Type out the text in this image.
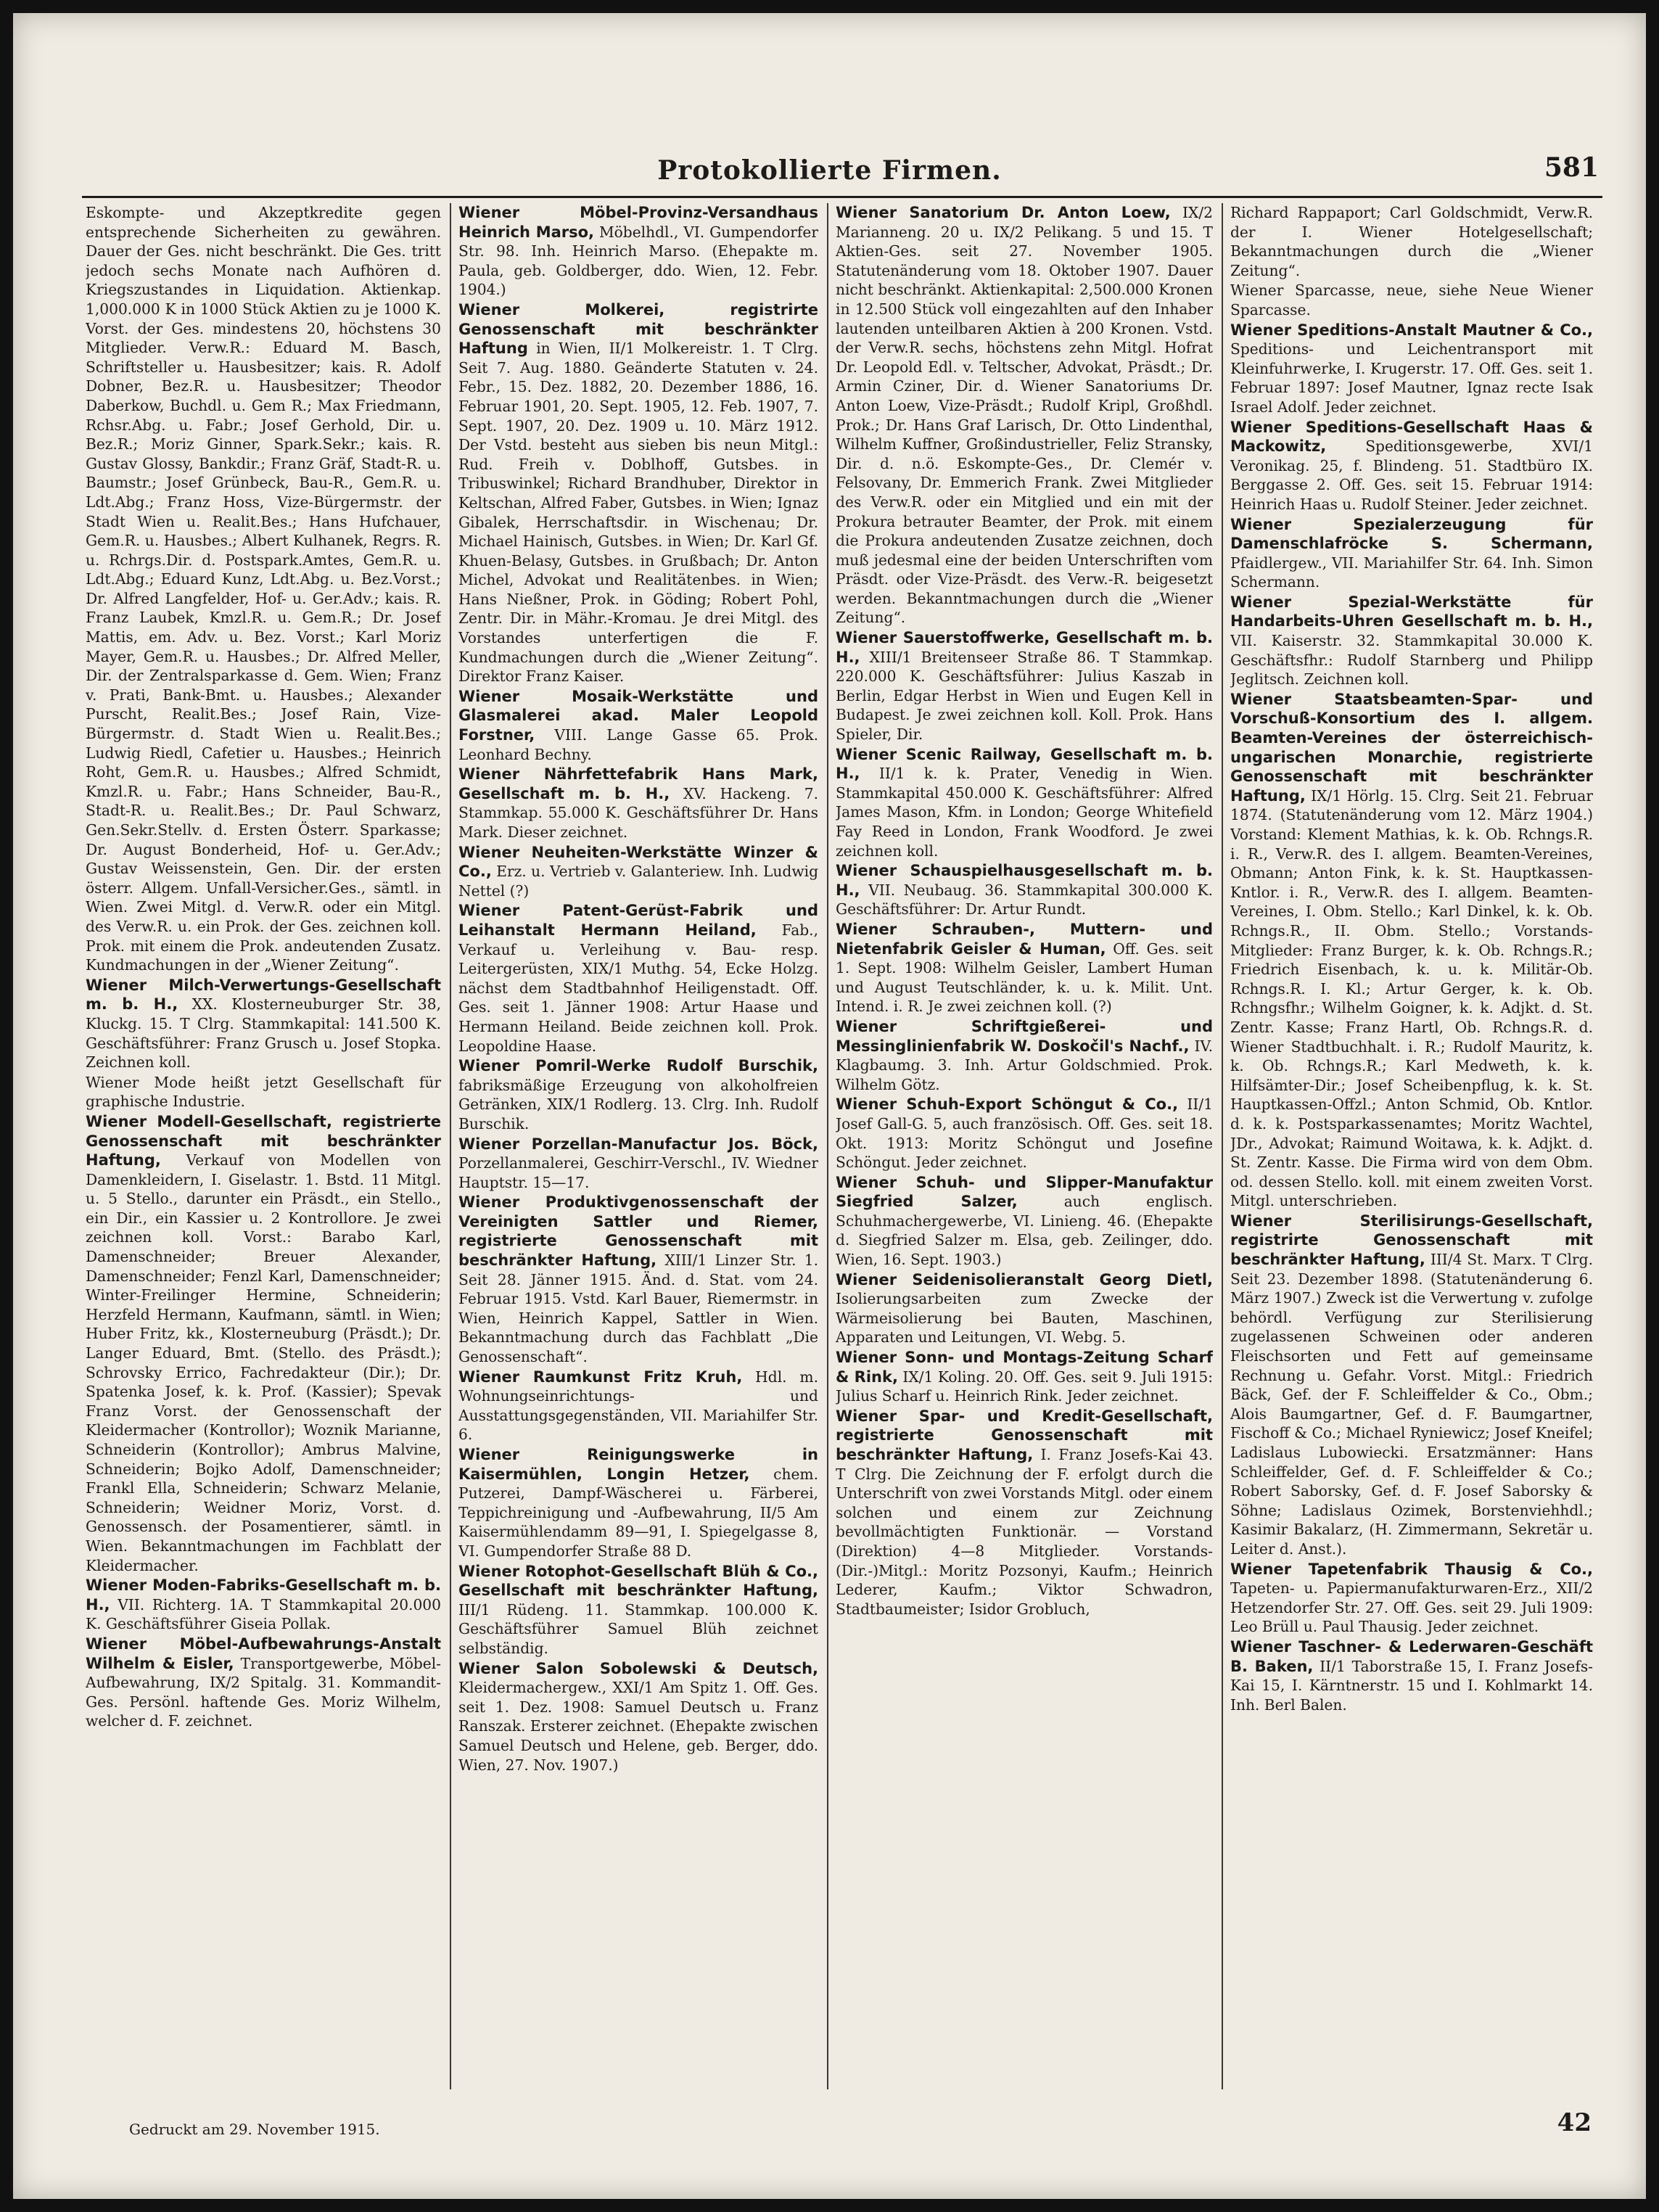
Protokollierte Firmen.	581

Eskompte- und Akzeptkredite gegen entsprechende Sicherheiten zu gewähren. Dauer der Ges. nicht beschränkt. Die Ges. tritt jedoch sechs Monate nach Aufhören d. Kriegszustandes in Liquidation. Aktienkap. 1,000.000 K in 1000 Stück Aktien zu je 1000 K. Vorst. der Ges. mindestens 20, höchstens 30 Mitglieder. Verw.R.: Eduard M. Basch, Schriftsteller u. Hausbesitzer; kais. R. Adolf Dobner, Bez.R. u. Hausbesitzer; Theodor Daberkow, Buchdl. u. Gem R.; Max Friedmann, Rchsr.Abg. u. Fabr.; Josef Gerhold, Dir. u. Bez.R.; Moriz Ginner, Spark.Sekr.; kais. R. Gustav Glossy, Bankdir.; Franz Gräf, Stadt-R. u. Baumstr.; Josef Grünbeck, Bau-R., Gem.R. u. Ldt.Abg.; Franz Hoss, Vize-Bürgermstr. der Stadt Wien u. Realit.Bes.; Hans Hufchauer, Gem.R. u. Hausbes.; Albert Kulhanek, Regrs. R. u. Rchrgs.Dir. d. Postspark.Amtes, Gem.R. u. Ldt.Abg.; Eduard Kunz, Ldt.Abg. u. Bez.Vorst.; Dr. Alfred Langfelder, Hof- u. Ger.Adv.; kais. R. Franz Laubek, Kmzl.R. u. Gem.R.; Dr. Josef Mattis, em. Adv. u. Bez. Vorst.; Karl Moriz Mayer, Gem.R. u. Hausbes.; Dr. Alfred Meller, Dir. der Zentralsparkasse d. Gem. Wien; Franz v. Prati, Bank-Bmt. u. Hausbes.; Alexander Purscht, Realit.Bes.; Josef Rain, Vize-Bürgermstr. d. Stadt Wien u. Realit.Bes.; Ludwig Riedl, Cafetier u. Hausbes.; Heinrich Roht, Gem.R. u. Hausbes.; Alfred Schmidt, Kmzl.R. u. Fabr.; Hans Schneider, Bau-R., Stadt-R. u. Realit.Bes.; Dr. Paul Schwarz, Gen.Sekr.Stellv. d. Ersten Österr. Sparkasse; Dr. August Bonderheid, Hof- u. Ger.Adv.; Gustav Weissenstein, Gen. Dir. der ersten österr. Allgem. Unfall-Versicher.Ges., sämtl. in Wien. Zwei Mitgl. d. Verw.R. oder ein Mitgl. des Verw.R. u. ein Prok. der Ges. zeichnen koll. Prok. mit einem die Prok. andeutenden Zusatz. Kundmachungen in der „Wiener Zeitung“.

Wiener Milch-Verwertungs-Gesellschaft m. b. H., XX. Klosterneuburger Str. 38, Kluckg. 15. T Clrg. Stammkapital: 141.500 K. Geschäftsführer: Franz Grusch u. Josef Stopka. Zeichnen koll.

Wiener Mode heißt jetzt Gesellschaft für graphische Industrie.

Wiener Modell-Gesellschaft, registrierte Genossenschaft mit beschränkter Haftung, Verkauf von Modellen von Damenkleidern, I. Giselastr. 1. Bstd. 11 Mitgl. u. 5 Stello., darunter ein Präsdt., ein Stello., ein Dir., ein Kassier u. 2 Kontrollore. Je zwei zeichnen koll. Vorst.: Barabo Karl, Damenschneider; Breuer Alexander, Damenschneider; Fenzl Karl, Damenschneider; Winter-Freilinger Hermine, Schneiderin; Herzfeld Hermann, Kaufmann, sämtl. in Wien; Huber Fritz, kk., Klosterneuburg (Präsdt.); Dr. Langer Eduard, Bmt. (Stello. des Präsdt.); Schrovsky Errico, Fachredakteur (Dir.); Dr. Spatenka Josef, k. k. Prof. (Kassier); Spevak Franz Vorst. der Genossenschaft der Kleidermacher (Kontrollor); Woznik Marianne, Schneiderin (Kontrollor); Ambrus Malvine, Schneiderin; Bojko Adolf, Damenschneider; Frankl Ella, Schneiderin; Schwarz Melanie, Schneiderin; Weidner Moriz, Vorst. d. Genossensch. der Posamentierer, sämtl. in Wien. Bekanntmachungen im Fachblatt der Kleidermacher.

Wiener Moden-Fabriks-Gesellschaft m. b. H., VII. Richterg. 1A. T Stammkapital 20.000 K. Geschäftsführer Giseia Pollak.

Wiener Möbel-Aufbewahrungs-Anstalt Wilhelm & Eisler, Transportgewerbe, Möbel-Aufbewahrung, IX/2 Spitalg. 31. Kommandit-Ges. Persönl. haftende Ges. Moriz Wilhelm, welcher d. F. zeichnet.

Wiener Möbel-Provinz-Versandhaus Heinrich Marso, Möbelhdl., VI. Gumpendorfer Str. 98. Inh. Heinrich Marso. (Ehepakte m. Paula, geb. Goldberger, ddo. Wien, 12. Febr. 1904.)

Wiener Molkerei, registrirte Genossenschaft mit beschränkter Haftung in Wien, II/1 Molkereistr. 1. T Clrg. Seit 7. Aug. 1880. Geänderte Statuten v. 24. Febr., 15. Dez. 1882, 20. Dezember 1886, 16. Februar 1901, 20. Sept. 1905, 12. Feb. 1907, 7. Sept. 1907, 20. Dez. 1909 u. 10. März 1912. Der Vstd. besteht aus sieben bis neun Mitgl.: Rud. Freih v. Doblhoff, Gutsbes. in Tribuswinkel; Richard Brandhuber, Direktor in Keltschan, Alfred Faber, Gutsbes. in Wien; Ignaz Gibalek, Herrschaftsdir. in Wischenau; Dr. Michael Hainisch, Gutsbes. in Wien; Dr. Karl Gf. Khuen-Belasy, Gutsbes. in Grußbach; Dr. Anton Michel, Advokat und Realitätenbes. in Wien; Hans Nießner, Prok. in Göding; Robert Pohl, Zentr. Dir. in Mähr.-Kromau. Je drei Mitgl. des Vorstandes unterfertigen die F. Kundmachungen durch die „Wiener Zeitung“. Direktor Franz Kaiser.

Wiener Mosaik-Werkstätte und Glasmalerei akad. Maler Leopold Forstner, VIII. Lange Gasse 65. Prok. Leonhard Bechny.

Wiener Nährfettefabrik Hans Mark, Gesellschaft m. b. H., XV. Hackeng. 7. Stammkap. 55.000 K. Geschäftsführer Dr. Hans Mark. Dieser zeichnet.

Wiener Neuheiten-Werkstätte Winzer & Co., Erz. u. Vertrieb v. Galanteriew. Inh. Ludwig Nettel (?)

Wiener Patent-Gerüst-Fabrik und Leihanstalt Hermann Heiland, Fab., Verkauf u. Verleihung v. Bau- resp. Leitergerüsten, XIX/1 Muthg. 54, Ecke Holzg. nächst dem Stadtbahnhof Heiligenstadt. Off. Ges. seit 1. Jänner 1908: Artur Haase und Hermann Heiland. Beide zeichnen koll. Prok. Leopoldine Haase.

Wiener Pomril-Werke Rudolf Burschik, fabriksmäßige Erzeugung von alkoholfreien Getränken, XIX/1 Rodlerg. 13. Clrg. Inh. Rudolf Burschik.

Wiener Porzellan-Manufactur Jos. Böck, Porzellanmalerei, Geschirr-Verschl., IV. Wiedner Hauptstr. 15—17.

Wiener Produktivgenossenschaft der Vereinigten Sattler und Riemer, registrierte Genossenschaft mit beschränkter Haftung, XIII/1 Linzer Str. 1. Seit 28. Jänner 1915. Änd. d. Stat. vom 24. Februar 1915. Vstd. Karl Bauer, Riemermstr. in Wien, Heinrich Kappel, Sattler in Wien. Bekanntmachung durch das Fachblatt „Die Genossenschaft“.

Wiener Raumkunst Fritz Kruh, Hdl. m. Wohnungseinrichtungs- und Ausstattungsgegenständen, VII. Mariahilfer Str. 6.

Wiener Reinigungswerke in Kaisermühlen, Longin Hetzer, chem. Putzerei, Dampf-Wäscherei u. Färberei, Teppichreinigung und -Aufbewahrung, II/5 Am Kaisermühlendamm 89—91, I. Spiegelgasse 8, VI. Gumpendorfer Straße 88 D.

Wiener Rotophot-Gesellschaft Blüh & Co., Gesellschaft mit beschränkter Haftung, III/1 Rüdeng. 11. Stammkap. 100.000 K. Geschäftsführer Samuel Blüh zeichnet selbständig.

Wiener Salon Sobolewski & Deutsch, Kleidermachergew., XXI/1 Am Spitz 1. Off. Ges. seit 1. Dez. 1908: Samuel Deutsch u. Franz Ranszak. Ersterer zeichnet. (Ehepakte zwischen Samuel Deutsch und Helene, geb. Berger, ddo. Wien, 27. Nov. 1907.)

Wiener Sanatorium Dr. Anton Loew, IX/2 Marianneng. 20 u. IX/2 Pelikang. 5 und 15. T Aktien-Ges. seit 27. November 1905. Statutenänderung vom 18. Oktober 1907. Dauer nicht beschränkt. Aktienkapital: 2,500.000 Kronen in 12.500 Stück voll eingezahlten auf den Inhaber lautenden unteilbaren Aktien à 200 Kronen. Vstd. der Verw.R. sechs, höchstens zehn Mitgl. Hofrat Dr. Leopold Edl. v. Teltscher, Advokat, Präsdt.; Dr. Armin Cziner, Dir. d. Wiener Sanatoriums Dr. Anton Loew, Vize-Präsdt.; Rudolf Kripl, Großhdl. Prok.; Dr. Hans Graf Larisch, Dr. Otto Lindenthal, Wilhelm Kuffner, Großindustrieller, Feliz Stransky, Dir. d. n.ö. Eskompte-Ges., Dr. Clemér v. Felsovany, Dr. Emmerich Frank. Zwei Mitglieder des Verw.R. oder ein Mitglied und ein mit der Prokura betrauter Beamter, der Prok. mit einem die Prokura andeutenden Zusatze zeichnen, doch muß jedesmal eine der beiden Unterschriften vom Präsdt. oder Vize-Präsdt. des Verw.-R. beigesetzt werden. Bekanntmachungen durch die „Wiener Zeitung“.

Wiener Sauerstoffwerke, Gesellschaft m. b. H., XIII/1 Breitenseer Straße 86. T Stammkap. 220.000 K. Geschäftsführer: Julius Kaszab in Berlin, Edgar Herbst in Wien und Eugen Kell in Budapest. Je zwei zeichnen koll. Koll. Prok. Hans Spieler, Dir.

Wiener Scenic Railway, Gesellschaft m. b. H., II/1 k. k. Prater, Venedig in Wien. Stammkapital 450.000 K. Geschäftsführer: Alfred James Mason, Kfm. in London; George Whitefield Fay Reed in London, Frank Woodford. Je zwei zeichnen koll.

Wiener Schauspielhausgesellschaft m. b. H., VII. Neubaug. 36. Stammkapital 300.000 K. Geschäftsführer: Dr. Artur Rundt.

Wiener Schrauben-, Muttern- und Nietenfabrik Geisler & Human, Off. Ges. seit 1. Sept. 1908: Wilhelm Geisler, Lambert Human und August Teutschländer, k. u. k. Milit. Unt. Intend. i. R. Je zwei zeichnen koll. (?)

Wiener Schriftgießerei- und Messinglinienfabrik W. Doskočil's Nachf., IV. Klagbaumg. 3. Inh. Artur Goldschmied. Prok. Wilhelm Götz.

Wiener Schuh-Export Schöngut & Co., II/1 Josef Gall-G. 5, auch französisch. Off. Ges. seit 18. Okt. 1913: Moritz Schöngut und Josefine Schöngut. Jeder zeichnet.

Wiener Schuh- und Slipper-Manufaktur Siegfried Salzer, auch englisch. Schuhmachergewerbe, VI. Linieng. 46. (Ehepakte d. Siegfried Salzer m. Elsa, geb. Zeilinger, ddo. Wien, 16. Sept. 1903.)

Wiener Seidenisolieranstalt Georg Dietl, Isolierungsarbeiten zum Zwecke der Wärmeisolierung bei Bauten, Maschinen, Apparaten und Leitungen, VI. Webg. 5.

Wiener Sonn- und Montags-Zeitung Scharf & Rink, IX/1 Koling. 20. Off. Ges. seit 9. Juli 1915: Julius Scharf u. Heinrich Rink. Jeder zeichnet.

Wiener Spar- und Kredit-Gesellschaft, registrierte Genossenschaft mit beschränkter Haftung, I. Franz Josefs-Kai 43. T Clrg. Die Zeichnung der F. erfolgt durch die Unterschrift von zwei Vorstands Mitgl. oder einem solchen und einem zur Zeichnung bevollmächtigten Funktionär. — Vorstand (Direktion) 4—8 Mitglieder. Vorstands-(Dir.-)Mitgl.: Moritz Pozsonyi, Kaufm.; Heinrich Lederer, Kaufm.; Viktor Schwadron, Stadtbaumeister; Isidor Grobluch,

Richard Rappaport; Carl Goldschmidt, Verw.R. der I. Wiener Hotelgesellschaft; Bekanntmachungen durch die „Wiener Zeitung“.

Wiener Sparcasse, neue, siehe Neue Wiener Sparcasse.

Wiener Speditions-Anstalt Mautner & Co., Speditions- und Leichentransport mit Kleinfuhrwerke, I. Krugerstr. 17. Off. Ges. seit 1. Februar 1897: Josef Mautner, Ignaz recte Isak Israel Adolf. Jeder zeichnet.

Wiener Speditions-Gesellschaft Haas & Mackowitz, Speditionsgewerbe, XVI/1 Veronikag. 25, f. Blindeng. 51. Stadtbüro IX. Berggasse 2. Off. Ges. seit 15. Februar 1914: Heinrich Haas u. Rudolf Steiner. Jeder zeichnet.

Wiener Spezialerzeugung für Damenschlafröcke S. Schermann, Pfaidlergew., VII. Mariahilfer Str. 64. Inh. Simon Schermann.

Wiener Spezial-Werkstätte für Handarbeits-Uhren Gesellschaft m. b. H., VII. Kaiserstr. 32. Stammkapital 30.000 K. Geschäftsfhr.: Rudolf Starnberg und Philipp Jeglitsch. Zeichnen koll.

Wiener Staatsbeamten-Spar- und Vorschuß-Konsortium des I. allgem. Beamten-Vereines der österreichisch-ungarischen Monarchie, registrierte Genossenschaft mit beschränkter Haftung, IX/1 Hörlg. 15. Clrg. Seit 21. Februar 1874. (Statutenänderung vom 12. März 1904.) Vorstand: Klement Mathias, k. k. Ob. Rchngs.R. i. R., Verw.R. des I. allgem. Beamten-Vereines, Obmann; Anton Fink, k. k. St. Hauptkassen-Kntlor. i. R., Verw.R. des I. allgem. Beamten-Vereines, I. Obm. Stello.; Karl Dinkel, k. k. Ob. Rchngs.R., II. Obm. Stello.; Vorstands-Mitglieder: Franz Burger, k. k. Ob. Rchngs.R.; Friedrich Eisenbach, k. u. k. Militär-Ob. Rchngs.R. I. Kl.; Artur Gerger, k. k. Ob. Rchngsfhr.; Wilhelm Goigner, k. k. Adjkt. d. St. Zentr. Kasse; Franz Hartl, Ob. Rchngs.R. d. Wiener Stadtbuchhalt. i. R.; Rudolf Mauritz, k. k. Ob. Rchngs.R.; Karl Medweth, k. k. Hilfsämter-Dir.; Josef Scheibenpflug, k. k. St. Hauptkassen-Offzl.; Anton Schmid, Ob. Kntlor. d. k. k. Postsparkassenamtes; Moritz Wachtel, JDr., Advokat; Raimund Woitawa, k. k. Adjkt. d. St. Zentr. Kasse. Die Firma wird von dem Obm. od. dessen Stello. koll. mit einem zweiten Vorst. Mitgl. unterschrieben.

Wiener Sterilisirungs-Gesellschaft, registrirte Genossenschaft mit beschränkter Haftung, III/4 St. Marx. T Clrg. Seit 23. Dezember 1898. (Statutenänderung 6. März 1907.) Zweck ist die Verwertung v. zufolge behördl. Verfügung zur Sterilisierung zugelassenen Schweinen oder anderen Fleischsorten und Fett auf gemeinsame Rechnung u. Gefahr. Vorst. Mitgl.: Friedrich Bäck, Gef. der F. Schleiffelder & Co., Obm.; Alois Baumgartner, Gef. d. F. Baumgartner, Fischoff & Co.; Michael Ryniewicz; Josef Kneifel; Ladislaus Lubowiecki. Ersatzmänner: Hans Schleiffelder, Gef. d. F. Schleiffelder & Co.; Robert Saborsky, Gef. d. F. Josef Saborsky & Söhne; Ladislaus Ozimek, Borstenviehhdl.; Kasimir Bakalarz, (H. Zimmermann, Sekretär u. Leiter d. Anst.).

Wiener Tapetenfabrik Thausig & Co., Tapeten- u. Papiermanufakturwaren-Erz., XII/2 Hetzendorfer Str. 27. Off. Ges. seit 29. Juli 1909: Leo Brüll u. Paul Thausig. Jeder zeichnet.

Wiener Taschner- & Lederwaren-Geschäft B. Baken, II/1 Taborstraße 15, I. Franz Josefs-Kai 15, I. Kärntnerstr. 15 und I. Kohlmarkt 14. Inh. Berl Balen.

Gedruckt am 29. November 1915.	42
